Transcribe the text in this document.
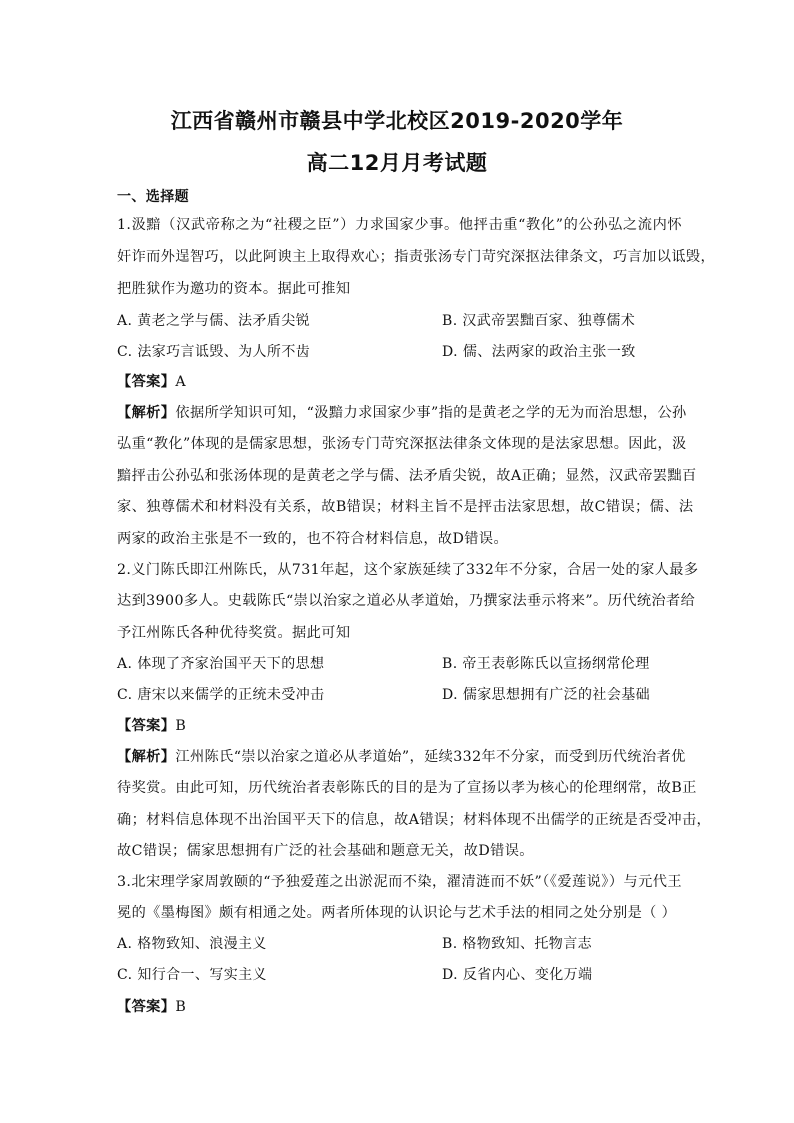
江西省赣州市赣县中学北校区2019-2020学年
高二12月月考试题
一、选择题
1.汲黯（汉武帝称之为“社稷之臣”）力求国家少事。他抨击重“教化”的公孙弘之流内怀
奸诈而外逞智巧，以此阿谀主上取得欢心；指责张汤专门苛究深抠法律条文，巧言加以诋毁，
把胜狱作为邀功的资本。据此可推知
A. 黄老之学与儒、法矛盾尖锐	B. 汉武帝罢黜百家、独尊儒术
C. 法家巧言诋毁、为人所不齿	D. 儒、法两家的政治主张一致
【答案】A
【解析】依据所学知识可知，“汲黯力求国家少事”指的是黄老之学的无为而治思想，公孙
弘重“教化”体现的是儒家思想，张汤专门苛究深抠法律条文体现的是法家思想。因此，汲
黯抨击公孙弘和张汤体现的是黄老之学与儒、法矛盾尖锐，故A正确；显然，汉武帝罢黜百
家、独尊儒术和材料没有关系，故B错误；材料主旨不是抨击法家思想，故C错误；儒、法
两家的政治主张是不一致的，也不符合材料信息，故D错误。
2.义门陈氏即江州陈氏，从731年起，这个家族延续了332年不分家，合居一处的家人最多
达到3900多人。史载陈氏“崇以治家之道必从孝道始，乃撰家法垂示将来”。历代统治者给
予江州陈氏各种优待奖赏。据此可知
A. 体现了齐家治国平天下的思想	B. 帝王表彰陈氏以宣扬纲常伦理
C. 唐宋以来儒学的正统未受冲击	D. 儒家思想拥有广泛的社会基础
【答案】B
【解析】江州陈氏“崇以治家之道必从孝道始”，延续332年不分家，而受到历代统治者优
待奖赏。由此可知，历代统治者表彰陈氏的目的是为了宣扬以孝为核心的伦理纲常，故B正
确；材料信息体现不出治国平天下的信息，故A错误；材料体现不出儒学的正统是否受冲击，
故C错误；儒家思想拥有广泛的社会基础和题意无关，故D错误。
3.北宋理学家周敦颐的“予独爱莲之出淤泥而不染，濯清涟而不妖”（《爱莲说》）与元代王
冕的《墨梅图》颇有相通之处。两者所体现的认识论与艺术手法的相同之处分别是（ ）
A. 格物致知、浪漫主义	B. 格物致知、托物言志
C. 知行合一、写实主义	D. 反省内心、变化万端
【答案】B
